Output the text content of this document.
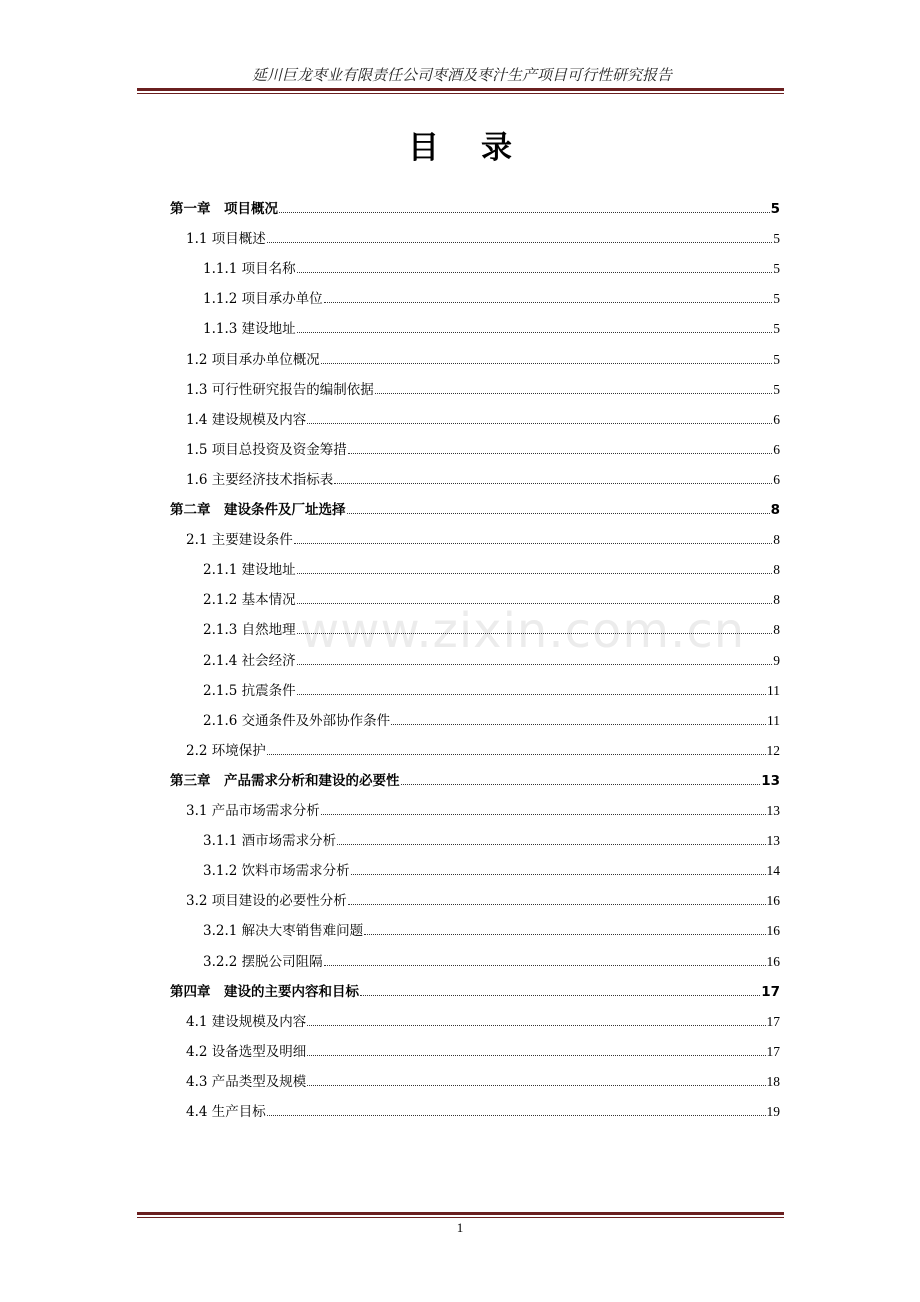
延川巨龙枣业有限责任公司枣酒及枣汁生产项目可行性研究报告
目录
www.zixin.com.cn
第一章　项目概况	5
1.1 项目概述	5
1.1.1 项目名称	5
1.1.2 项目承办单位	5
1.1.3 建设地址	5
1.2 项目承办单位概况	5
1.3 可行性研究报告的编制依据	5
1.4 建设规模及内容	6
1.5 项目总投资及资金筹措	6
1.6 主要经济技术指标表	6
第二章　建设条件及厂址选择	8
2.1 主要建设条件	8
2.1.1 建设地址	8
2.1.2 基本情况	8
2.1.3 自然地理	8
2.1.4 社会经济	9
2.1.5 抗震条件	11
2.1.6 交通条件及外部协作条件	11
2.2 环境保护	12
第三章　产品需求分析和建设的必要性	13
3.1 产品市场需求分析	13
3.1.1 酒市场需求分析	13
3.1.2 饮料市场需求分析	14
3.2 项目建设的必要性分析	16
3.2.1 解决大枣销售难问题	16
3.2.2 摆脱公司阻隔	16
第四章　建设的主要内容和目标	17
4.1 建设规模及内容	17
4.2 设备选型及明细	17
4.3 产品类型及规模	18
4.4 生产目标	19
1
